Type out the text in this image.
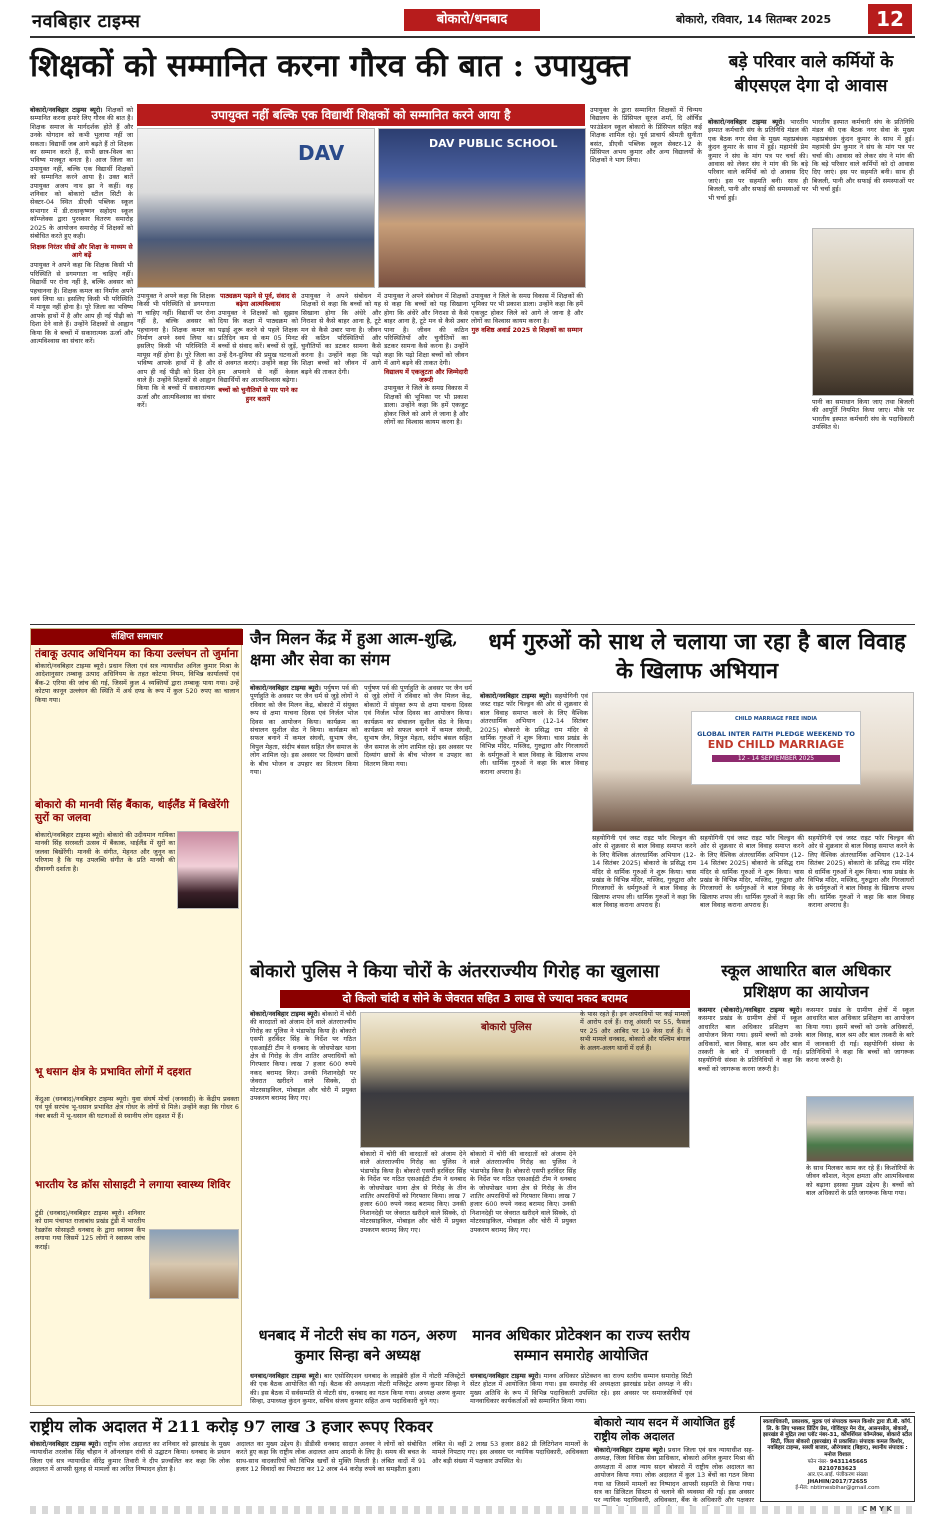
नवबिहार टाइम्स	बोकारो/धनबाद	बोकारो, रविवार, 14 सितम्बर 2025	12
शिक्षकों को सम्मानित करना गौरव की बात : उपायुक्त
उपायुक्त नहीं बल्कि एक विद्यार्थी शिक्षकों को सम्मानित करने आया है
बोकारो/नवबिहार टाइम्स ब्यूरो। शिक्षकों को सम्मानित करना हमारे लिए गौरव की बात है। शिक्षक समाज के मार्गदर्शक होते हैं और उनके योगदान को कभी भुलाया नहीं जा सकता। विद्यार्थी जब आगे बढ़ते हैं तो शिक्षक का सम्मान करते हैं, सभी छात्र-विश्व का भविष्य मजबूत बनता है। आज जिला का उपायुक्त नहीं, बल्कि एक विद्यार्थी शिक्षकों को सम्मानित करने आया है। उक्त बातें उपायुक्त अजय नाथ झा ने कहीं। वह शनिवार को बोकारो स्टील सिटी के सेक्टर-04 स्थित डीएवी पब्लिक स्कूल सभागार में डी.राधाकृष्णन सहोदय स्कूल कॉम्प्लेक्स द्वारा पुरस्कार वितरण समारोह 2025 के आयोजन समारोह में शिक्षकों को संबोधित करते हुए कही।

शिक्षक निरंतर सीखें और शिक्षा के माध्यम से आगे बढ़ें
उपायुक्त ने अपने कहा कि शिक्षक किसी भी परिस्थिति से डगमगाता ना चाहिए नहीं। विद्यार्थी पर रोना नहीं है, बल्कि अवसर को पहचानना है। शिक्षक कमल का निर्माण अपने स्वयं लिया था। इसलिए किसी भी परिस्थिति में मायूस नहीं होना है। पूरे जिला का भविष्य आपके हाथों में है और आप ही नई पीढ़ी को दिशा देने वाले हैं। उन्होंने शिक्षकों से आह्वान किया कि वे बच्चों में सकारात्मक ऊर्जा और आत्मविश्वास का संचार करें।
DAV	DAV PUBLIC SCHOOL
उपायुक्त ने अपने कहा कि शिक्षक किसी भी परिस्थिति से डगमगाता ना चाहिए नहीं। विद्यार्थी पर रोना नहीं है, बल्कि अवसर को पहचानना है। शिक्षक कमल का निर्माण अपने स्वयं लिया था। इसलिए किसी भी परिस्थिति में मायूस नहीं होना है। पूरे जिला का भविष्य आपके हाथों में है और आप ही नई पीढ़ी को दिशा देने वाले हैं। उन्होंने शिक्षकों से आह्वान किया कि वे बच्चों में सकारात्मक ऊर्जा और आत्मविश्वास का संचार करें।
पाठ्यक्रम पढ़ाने से पूर्व, संवाद से बढ़ेगा आत्मविश्वास
उपायुक्त ने शिक्षकों को सुझाव दिया कि कक्षा में पाठ्यक्रम को पढ़ाई शुरू करने से पहले शिक्षक प्रतिदिन कम से कम 05 मिनट बच्चों से संवाद करें। बच्चों से जुड़ें, उन्हें दैन-दुनिया की प्रमुख घटनाओं से अवगत कराएं। उन्होंने कहा कि हम अपनाने से नहीं केवल विद्यार्थियों का आत्मविश्वास बढ़ेगा।
बच्चों को चुनौतियों से पार पाने का हुनर बतायें
उपायुक्त ने अपने संबोधन में शिक्षकों से कहा कि बच्चों को यह सिखाना होगा कि अंधेरे और निराशा से कैसे बाहर आना है, टूटे मन से कैसे उबार पाना है। जीवन की कठिन परिस्थितियों और चुनौतियों का डटकर सामना कैसे करना है। उन्होंने कहा कि पढ़ो शिक्षा बच्चों को जीवन में आगे बढ़ने की ताकत देगी।
उपायुक्त ने अपने संबोधन में शिक्षकों से कहा कि बच्चों को यह सिखाना होगा कि अंधेरे और निराशा से कैसे बाहर आना है, टूटे मन से कैसे उबार पाना है। जीवन की कठिन परिस्थितियों और चुनौतियों का डटकर सामना कैसे करना है। उन्होंने कहा कि पढ़ो शिक्षा बच्चों को जीवन में आगे बढ़ने की ताकत देगी।
विद्यालय में एकजुटता और जिम्मेदारी जरूरी
उपायुक्त ने जिले के समग्र विकास में शिक्षकों की भूमिका पर भी प्रकाश डाला। उन्होंने कहा कि हमें एकजुट होकर जिले को आगे ले जाना है और लोगों का विश्वास कायम करना है।
उपायुक्त ने जिले के समग्र विकास में शिक्षकों की भूमिका पर भी प्रकाश डाला। उन्होंने कहा कि हमें एकजुट होकर जिले को आगे ले जाना है और लोगों का विश्वास कायम करना है।
गुरु वशिष्ठ अवार्ड 2025 से शिक्षकों का सम्मान
उपायुक्त के द्वारा सम्मानित शिक्षकों में चिन्मय विद्यालय के प्रिंसिपल सूरज शर्मा, दि ऑर्चिड फाउंडेशन स्कूल बोकारो के प्रिंसिपल सहित कई शिक्षक शामिल रहे। पूर्व प्राचार्य श्रीमती सुनीता बसंत, डीएवी पब्लिक स्कूल सेक्टर-12 के प्रिंसिपल अभय कुमार और अन्य विद्यालयों के शिक्षकों ने भाग लिया।
बड़े परिवार वाले कर्मियों के बीएसएल देगा दो आवास
बोकारो/नवबिहार टाइम्स ब्यूरो। भारतीय इस्पात कर्मचारी संघ के प्रतिनिधि मंडल की एक बैठक नगर सेवा के मुख्य महाप्रबंधक कुंदन कुमार के साथ में हुई। महामंत्री प्रेम कुमार ने संघ के मांग पत्र पर चर्चा की। आवास को लेकर संघ ने मांग की कि बड़े परिवार वाले कर्मियों को दो आवास दिए जाएं। इस पर सहमति बनी। साथ ही बिजली, पानी और सफाई की समस्याओं पर भी चर्चा हुई।
भारतीय इस्पात कर्मचारी संघ के प्रतिनिधि मंडल की एक बैठक नगर सेवा के मुख्य महाप्रबंधक कुंदन कुमार के साथ में हुई। महामंत्री प्रेम कुमार ने संघ के मांग पत्र पर चर्चा की। आवास को लेकर संघ ने मांग की कि बड़े परिवार वाले कर्मियों को दो आवास दिए जाएं। इस पर सहमति बनी। साथ ही बिजली, पानी और सफाई की समस्याओं पर भी चर्चा हुई।
पानी का समाधान किया जाए तथा बिजली की आपूर्ति नियमित किया जाए। मौके पर भारतीय इस्पात कर्मचारी संघ के पदाधिकारी उपस्थित थे।
संक्षिप्त समाचार
तंबाकू उत्पाद अधिनियम का किया उल्लंघन तो जुर्माना
बोकारो/नवबिहार टाइम्स ब्यूरो। प्रधान जिला एवं सत्र न्यायाधीश अनिल कुमार मिश्रा के आदेशानुसार तम्बाकू उत्पाद अधिनियम के तहत कोटपा नियम, विभिन्न कार्यालयों एवं बैंक-2 एरिया की जांच की गई, जिसमें कुल 4 व्यक्तियों द्वारा तम्बाकू पाया गया। उन्हें कोटपा कानून उल्लंघन की स्थिति में अर्थ दण्ड के रूप में कुल 520 रुपए का चालान किया गया।
बोकारो की मानवी सिंह बैंकाक, थाईलैंड में बिखेरेंगी सुरों का जलवा
बोकारो/नवबिहार टाइम्स ब्यूरो। बोकारो की उदीयमान गायिका मानवी सिंह सरस्वती उत्सव में बैंकाक, थाईलैंड में सुरों का जलवा बिखेरेंगी। मानवी के संगीत, मेहनत और जुनून का परिणाम है कि यह उपलब्धि संगीत के प्रति मानवी की दीवानगी दर्शाता है।
भू धसान क्षेत्र के प्रभावित लोगों में दहशत
केंदुआ (धनबाद)/नवबिहार टाइम्स ब्यूरो। युवा संघर्ष मोर्चा (जनवादी) के केंद्रीय प्रवक्ता एवं पूर्व सरपंच भू-धसान प्रभावित क्षेत्र गोधर के लोगों से मिले। उन्होंने कहा कि गोधर 6 नंबर बस्ती में भू-धसान की घटनाओं से स्थानीय लोग दहशत में हैं।
भारतीय रेड क्रॉस सोसाइटी ने लगाया स्वास्थ्य शिविर
टुंडी (धनबाद)/नवबिहार टाइम्स ब्यूरो। शनिवार को ग्राम पंचायत राजाबांध प्रखंड टुंडी में भारतीय रेडक्रॉस सोसाइटी धनबाद के द्वारा स्वास्थ्य कैंप लगाया गया जिसमें 125 लोगों ने स्वास्थ्य जांच कराई।
जैन मिलन केंद्र में हुआ आत्म-शुद्धि, क्षमा और सेवा का संगम
बोकारो/नवबिहार टाइम्स ब्यूरो। पर्युषण पर्व की पूर्णाहुति के अवसर पर जैन धर्म से जुड़े लोगों ने रविवार को जैन मिलन केंद्र, बोकारो में संयुक्त रूप से क्षमा याचना दिवस एवं निर्जल भोज दिवस का आयोजन किया। कार्यक्रम का संचालन सुशील सेठ ने किया। कार्यक्रम को सफल बनाने में कमल संघवी, सुभाष जैन, विपुल मेहता, संदीप बंसल सहित जैन समाज के लोग शामिल रहे। इस अवसर पर दिव्यांग छात्रों के बीच भोजन व उपहार का वितरण किया गया।
पर्युषण पर्व की पूर्णाहुति के अवसर पर जैन धर्म से जुड़े लोगों ने रविवार को जैन मिलन केंद्र, बोकारो में संयुक्त रूप से क्षमा याचना दिवस एवं निर्जल भोज दिवस का आयोजन किया। कार्यक्रम का संचालन सुशील सेठ ने किया। कार्यक्रम को सफल बनाने में कमल संघवी, सुभाष जैन, विपुल मेहता, संदीप बंसल सहित जैन समाज के लोग शामिल रहे। इस अवसर पर दिव्यांग छात्रों के बीच भोजन व उपहार का वितरण किया गया।
धर्म गुरुओं को साथ ले चलाया जा रहा है बाल विवाह के खिलाफ अभियान
बोकारो/नवबिहार टाइम्स ब्यूरो। सहयोगिनी एवं जस्ट राइट फॉर चिल्ड्रन की ओर से शुक्रवार से बाल विवाह समाप्त करने के लिए वैश्विक अंतरधार्मिक अभियान (12-14 सितंबर 2025) बोकारो के प्रसिद्ध राम मंदिर से धार्मिक गुरुओं ने शुरू किया। चास प्रखंड के विभिन्न मंदिर, मस्जिद, गुरुद्वारा और गिरजाघरों के धर्मगुरुओं ने बाल विवाह के खिलाफ शपथ ली। धार्मिक गुरुओं ने कहा कि बाल विवाह कराना अपराध है।
CHILD MARRIAGE FREE INDIA
GLOBAL INTER FAITH PLEDGE WEEKEND TO
END CHILD MARRIAGE
12 - 14 SEPTEMBER 2025
सहयोगिनी एवं जस्ट राइट फॉर चिल्ड्रन की ओर से शुक्रवार से बाल विवाह समाप्त करने के लिए वैश्विक अंतरधार्मिक अभियान (12-14 सितंबर 2025) बोकारो के प्रसिद्ध राम मंदिर से धार्मिक गुरुओं ने शुरू किया। चास प्रखंड के विभिन्न मंदिर, मस्जिद, गुरुद्वारा और गिरजाघरों के धर्मगुरुओं ने बाल विवाह के खिलाफ शपथ ली। धार्मिक गुरुओं ने कहा कि बाल विवाह कराना अपराध है।
सहयोगिनी एवं जस्ट राइट फॉर चिल्ड्रन की ओर से शुक्रवार से बाल विवाह समाप्त करने के लिए वैश्विक अंतरधार्मिक अभियान (12-14 सितंबर 2025) बोकारो के प्रसिद्ध राम मंदिर से धार्मिक गुरुओं ने शुरू किया। चास प्रखंड के विभिन्न मंदिर, मस्जिद, गुरुद्वारा और गिरजाघरों के धर्मगुरुओं ने बाल विवाह के खिलाफ शपथ ली। धार्मिक गुरुओं ने कहा कि बाल विवाह कराना अपराध है।
सहयोगिनी एवं जस्ट राइट फॉर चिल्ड्रन की ओर से शुक्रवार से बाल विवाह समाप्त करने के लिए वैश्विक अंतरधार्मिक अभियान (12-14 सितंबर 2025) बोकारो के प्रसिद्ध राम मंदिर से धार्मिक गुरुओं ने शुरू किया। चास प्रखंड के विभिन्न मंदिर, मस्जिद, गुरुद्वारा और गिरजाघरों के धर्मगुरुओं ने बाल विवाह के खिलाफ शपथ ली। धार्मिक गुरुओं ने कहा कि बाल विवाह कराना अपराध है।
बोकारो पुलिस ने किया चोरों के अंतरराज्यीय गिरोह का खुलासा
दो किलो चांदी व सोने के जेवरात सहित 3 लाख से ज्यादा नकद बरामद
बोकारो/नवबिहार टाइम्स ब्यूरो। बोकारो में चोरी की वारदातों को अंजाम देने वाले अंतरराज्यीय गिरोह का पुलिस ने भंडाफोड़ किया है। बोकारो एसपी हरविंदर सिंह के निर्देश पर गठित एसआईटी टीम ने धनबाद के जोधपोखर थाना क्षेत्र से गिरोह के तीन शातिर अपराधियों को गिरफ्तार किया। लाख 7 हजार 600 रुपये नकद बरामद किए। उनकी निशानदेही पर जेवरात खरीदने वाले सिक्के, दो मोटरसाइकिल, मोबाइल और चोरी में प्रयुक्त उपकरण बरामद किए गए।
बोकारो पुलिस
बोकारो में चोरी की वारदातों को अंजाम देने वाले अंतरराज्यीय गिरोह का पुलिस ने भंडाफोड़ किया है। बोकारो एसपी हरविंदर सिंह के निर्देश पर गठित एसआईटी टीम ने धनबाद के जोधपोखर थाना क्षेत्र से गिरोह के तीन शातिर अपराधियों को गिरफ्तार किया। लाख 7 हजार 600 रुपये नकद बरामद किए। उनकी निशानदेही पर जेवरात खरीदने वाले सिक्के, दो मोटरसाइकिल, मोबाइल और चोरी में प्रयुक्त उपकरण बरामद किए गए।
बोकारो में चोरी की वारदातों को अंजाम देने वाले अंतरराज्यीय गिरोह का पुलिस ने भंडाफोड़ किया है। बोकारो एसपी हरविंदर सिंह के निर्देश पर गठित एसआईटी टीम ने धनबाद के जोधपोखर थाना क्षेत्र से गिरोह के तीन शातिर अपराधियों को गिरफ्तार किया। लाख 7 हजार 600 रुपये नकद बरामद किए। उनकी निशानदेही पर जेवरात खरीदने वाले सिक्के, दो मोटरसाइकिल, मोबाइल और चोरी में प्रयुक्त उपकरण बरामद किए गए।
के पास रहते हैं। इन अपराधियों पर कई मामलों में आरोप दर्ज हैं। राजू अंसारी पर 55, फैसल पर 25 और आबिद पर 19 केस दर्ज हैं। ये सभी मामले धनबाद, बोकारो और पश्चिम बंगाल के अलग-अलग थानों में दर्ज हैं।
स्कूल आधारित बाल अधिकार प्रशिक्षण का आयोजन
कसमार (बोकारो)/नवबिहार टाइम्स ब्यूरो। कसमार प्रखंड के ग्रामीण क्षेत्रों में स्कूल आधारित बाल अधिकार प्रशिक्षण का आयोजन किया गया। इसमें बच्चों को उनके अधिकारों, बाल विवाह, बाल श्रम और बाल तस्करी के बारे में जानकारी दी गई। सहयोगिनी संस्था के प्रतिनिधियों ने कहा कि बच्चों को जागरूक करना जरूरी है।
कसमार प्रखंड के ग्रामीण क्षेत्रों में स्कूल आधारित बाल अधिकार प्रशिक्षण का आयोजन किया गया। इसमें बच्चों को उनके अधिकारों, बाल विवाह, बाल श्रम और बाल तस्करी के बारे में जानकारी दी गई। सहयोगिनी संस्था के प्रतिनिधियों ने कहा कि बच्चों को जागरूक करना जरूरी है।
के साथ मिलकर काम कर रहे हैं। किशोरियों के जीवन कौशल, नेतृत्व क्षमता और आत्मविश्वास को बढ़ाना इसका मुख्य उद्देश्य है। बच्चों को बाल अधिकारों के प्रति जागरूक किया गया।
धनबाद में नोटरी संघ का गठन, अरुण कुमार सिन्हा बने अध्यक्ष
धनबाद/नवबिहार टाइम्स ब्यूरो। बार एसोसिएशन धनबाद के लाइब्रेरी हॉल में नोटरी मजिस्ट्रेटों की एक बैठक आयोजित की गई। बैठक की अध्यक्षता नोटरी मजिस्ट्रेट अरुण कुमार सिन्हा ने की। इस बैठक में सर्वसम्मति से नोटरी संघ, धनबाद का गठन किया गया। अध्यक्ष अरुण कुमार सिन्हा, उपाध्यक्ष कुंदन कुमार, सचिव संजय कुमार सहित अन्य पदाधिकारी चुने गए।
मानव अधिकार प्रोटेक्शन का राज्य स्तरीय सम्मान समारोह आयोजित
धनबाद/नवबिहार टाइम्स ब्यूरो। मानव अधिकार प्रोटेक्शन का राज्य स्तरीय सम्मान समारोह सिटी सेंटर होटल में आयोजित किया गया। इस समारोह की अध्यक्षता झारखंड प्रदेश अध्यक्ष ने की। मुख्य अतिथि के रूप में विभिन्न पदाधिकारी उपस्थित रहे। इस अवसर पर समाजसेवियों एवं मानवाधिकार कार्यकर्ताओं को सम्मानित किया गया।
राष्ट्रीय लोक अदालत में 211 करोड़ 97 लाख 3 हजार रूपए रिकवर
बोकारो/नवबिहार टाइम्स ब्यूरो। राष्ट्रीय लोक अदालत का शनिवार को झारखंड के मुख्य न्यायाधीश तरलोक सिंह चौहान ने ऑनलाइन रांची से उद्घाटन किया। धनबाद के प्रधान जिला एवं सत्र न्यायाधीश वीरेंद्र कुमार तिवारी ने दीप प्रज्वलित कर कहा कि लोक अदालत में आपसी सुलह से मामलों का त्वरित निष्पादन होता है।
अदालत का मुख्य उद्देश्य है। डीडीसी धनबाद सादात अनवर ने लोगों को संबोधित करते हुए कहा कि राष्ट्रीय लोक अदालत आम आदमी के लिए है। समय की बचत के साथ-साथ वादकारियों को विभिन्न खर्चों से मुक्ति मिलती है। लंबित वादों में 91 हजार 12 विवादों का निपटारा कर 12 अरब 44 करोड़ रुपये का समझौता हुआ।
लंबित थे। वहीं 2 लाख 53 हजार 882 प्री लिटिगेशन मामलों के मामले निपटाए गए। इस अवसर पर न्यायिक पदाधिकारी, अधिवक्ता और बड़ी संख्या में पक्षकार उपस्थित थे।
बोकारो न्याय सदन में आयोजित हुई राष्ट्रीय लोक अदालत
बोकारो/नवबिहार टाइम्स ब्यूरो। प्रधान जिला एवं सत्र न्यायाधीश सह-अध्यक्ष, जिला विधिक सेवा प्राधिकार, बोकारो अनिल कुमार मिश्रा की अध्यक्षता में आज न्याय सदन बोकारो में राष्ट्रीय लोक अदालत का आयोजन किया गया। लोक अदालत में कुल 13 बेंचों का गठन किया गया था जिसमें मामलों का निष्पादन आपसी सहमति से किया गया। सत्र का डिजिटल सिस्टम से चलाने की व्यवस्था की गई। इस अवसर पर न्यायिक पदाधिकारी, अधिवक्ता, बैंक के अधिकारी और पक्षकार
स्वत्वाधिकारी, प्रकाशक, मुद्रक एवं संपादक कमल किशोर द्वारा डी.बी. कॉर्प. लि. के लिए भास्कर प्रिंटिंग प्रेस, गोविंदपुर मेन रोड, आसनसोल, बोकारो, झारखंड से मुद्रित तथा प्लॉट नंबर-31, कॉमर्शियल कॉम्प्लेक्स, बोकारो स्टील सिटी, जिला बोकारो (झारखंड) से प्रकाशित। संपादक कमल किशोर, नवबिहार टाइम्स, सब्जी बाजार, औरंगाबाद (बिहार), स्थानीय संपादक : मनोज विशाल
फोन नंबर- 9431145665
8210783623
आर.एन.आई. पंजीकरण संख्या
JHAHIN/2017/72655
ई-मेल: nbtimesbihar@gmail.com
C M Y K
